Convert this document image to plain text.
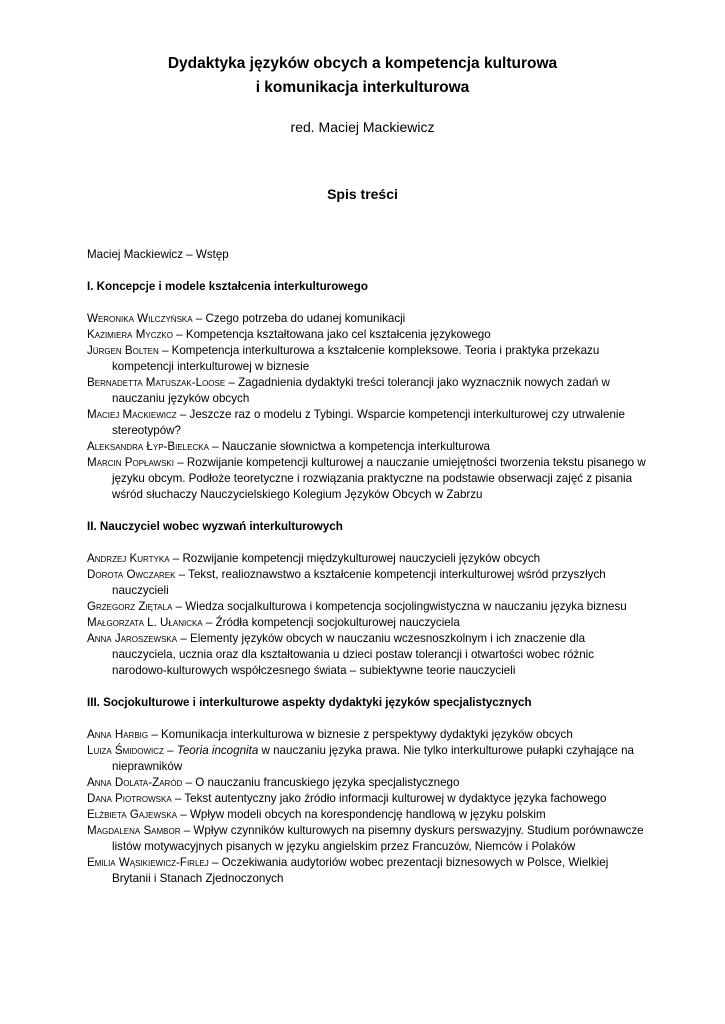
Dydaktyka języków obcych a kompetencja kulturowa
i komunikacja interkulturowa
red. Maciej Mackiewicz
Spis treści

Maciej Mackiewicz – Wstęp

I. Koncepcje i modele kształcenia interkulturowego

Weronika Wilczyńska – Czego potrzeba do udanej komunikacji

Kazimiera Myczko – Kompetencja kształtowana jako cel kształcenia językowego

Jürgen Bolten – Kompetencja interkulturowa a kształcenie kompleksowe. Teoria i praktyka przekazu kompetencji interkulturowej w biznesie

Bernadetta Matuszak-Loose – Zagadnienia dydaktyki treści tolerancji jako wyznacznik nowych zadań w nauczaniu języków obcych

Maciej Mackiewicz – Jeszcze raz o modelu z Tybingi. Wsparcie kompetencji interkulturowej czy utrwalenie stereotypów?

Aleksandra Łyp-Bielecka – Nauczanie słownictwa a kompetencja interkulturowa

Marcin Popławski – Rozwijanie kompetencji kulturowej a nauczanie umiejętności tworzenia tekstu pisanego w języku obcym. Podłoże teoretyczne i rozwiązania praktyczne na podstawie obserwacji zajęć z pisania wśród słuchaczy Nauczycielskiego Kolegium Języków Obcych w Zabrzu

II. Nauczyciel wobec wyzwań interkulturowych

Andrzej Kurtyka – Rozwijanie kompetencji międzykulturowej nauczycieli języków obcych

Dorota Owczarek – Tekst, realioznawstwo a kształcenie kompetencji interkulturowej wśród przyszłych nauczycieli

Grzegorz Ziętala – Wiedza socjalkulturowa i kompetencja socjolingwistyczna w nauczaniu języka biznesu

Małgorzata L. Ułanicka – Źródła kompetencji socjokulturowej nauczyciela

Anna Jaroszewska – Elementy języków obcych w nauczaniu wczesnoszkolnym i ich znaczenie dla nauczyciela, ucznia oraz dla kształtowania u dzieci postaw tolerancji i otwartości wobec różnic narodowo-kulturowych współczesnego świata – subiektywne teorie nauczycieli

III. Socjokulturowe i interkulturowe aspekty dydaktyki języków specjalistycznych

Anna Harbig – Komunikacja interkulturowa w biznesie z perspektywy dydaktyki języków obcych

Luiza Śmidowicz – Teoria incognita w nauczaniu języka prawa. Nie tylko interkulturowe pułapki czyhające na nieprawników

Anna Dolata-Zaród – O nauczaniu francuskiego języka specjalistycznego

Dana Piotrowska – Tekst autentyczny jako źródło informacji kulturowej w dydaktyce języka fachowego

Elżbieta Gajewska – Wpływ modeli obcych na korespondencję handlową w języku polskim

Magdalena Sambor – Wpływ czynników kulturowych na pisemny dyskurs perswazyjny. Studium porównawcze listów motywacyjnych pisanych w języku angielskim przez Francuzów, Niemców i Polaków

Emilia Wąsikiewicz-Firlej – Oczekiwania audytoriów wobec prezentacji biznesowych w Polsce, Wielkiej Brytanii i Stanach Zjednoczonych
